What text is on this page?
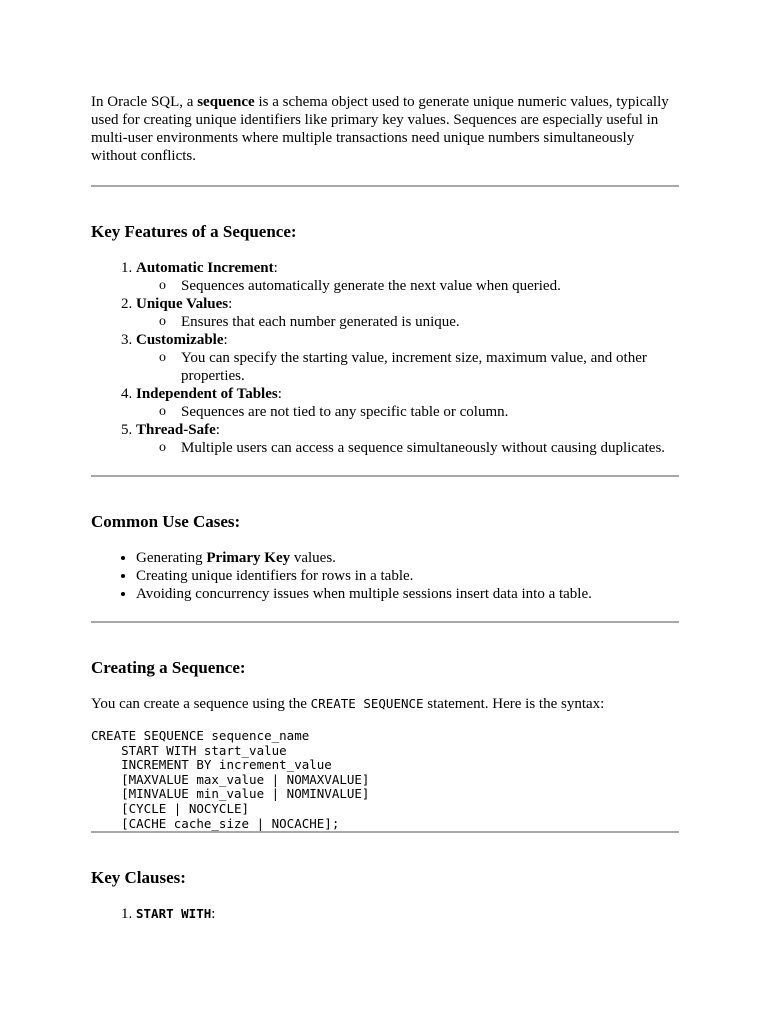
In Oracle SQL, a sequence is a schema object used to generate unique numeric values, typically used for creating unique identifiers like primary key values. Sequences are especially useful in multi-user environments where multiple transactions need unique numbers simultaneously without conflicts.

Key Features of a Sequence:
1. Automatic Increment:
o Sequences automatically generate the next value when queried.
2. Unique Values:
o Ensures that each number generated is unique.
3. Customizable:
o You can specify the starting value, increment size, maximum value, and other properties.
4. Independent of Tables:
o Sequences are not tied to any specific table or column.
5. Thread-Safe:
o Multiple users can access a sequence simultaneously without causing duplicates.
Common Use Cases:
• Generating Primary Key values.
• Creating unique identifiers for rows in a table.
• Avoiding concurrency issues when multiple sessions insert data into a table.
Creating a Sequence:

You can create a sequence using the CREATE SEQUENCE statement. Here is the syntax:

CREATE SEQUENCE sequence_name
START WITH start_value
INCREMENT BY increment_value
[MAXVALUE max_value | NOMAXVALUE]
[MINVALUE min_value | NOMINVALUE]
[CYCLE | NOCYCLE]
[CACHE cache_size | NOCACHE];
Key Clauses:
1. START WITH:
